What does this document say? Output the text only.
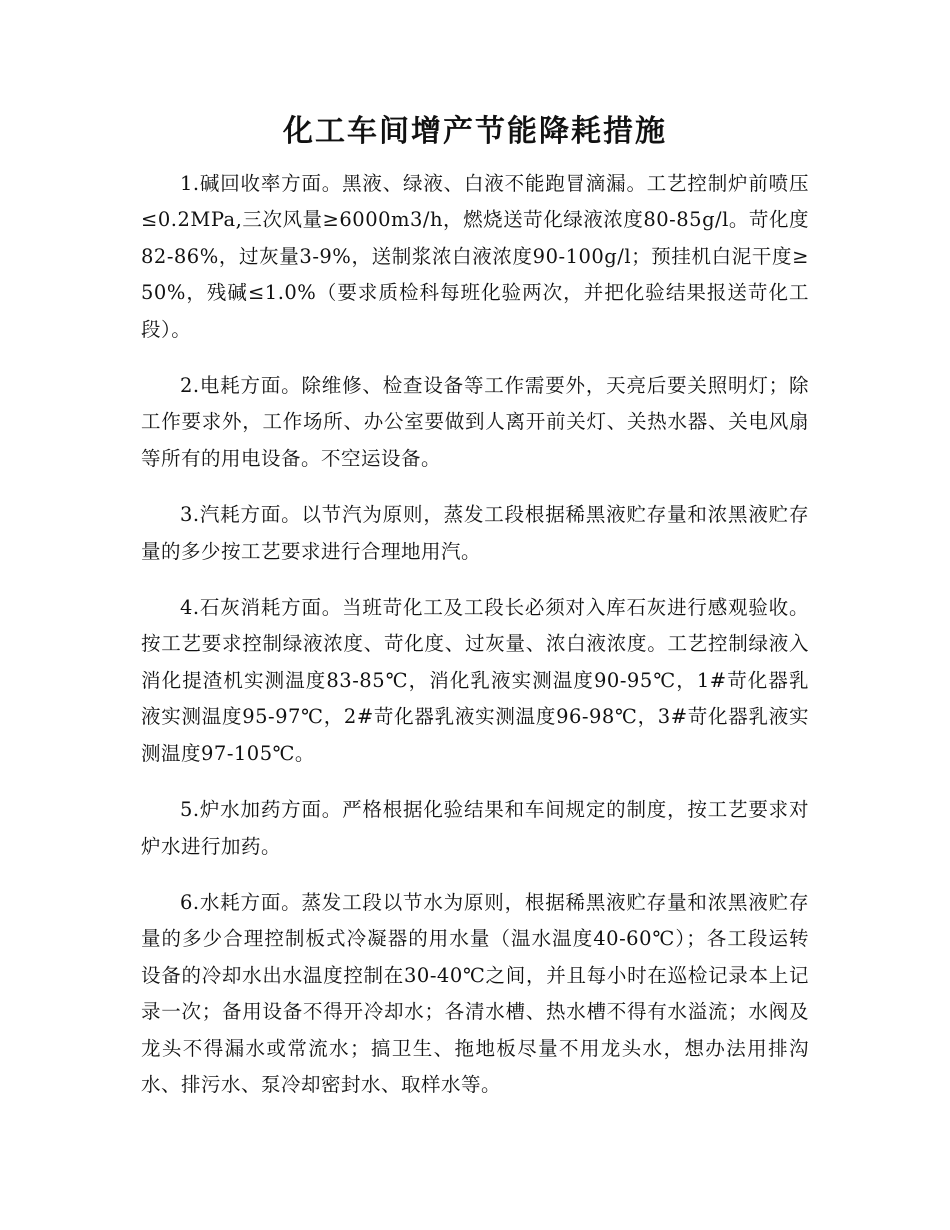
化工车间增产节能降耗措施

1.碱回收率方面。黑液、绿液、白液不能跑冒滴漏。工艺控制炉前喷压≤0.2MPa,三次风量≥6000m3/h，燃烧送苛化绿液浓度80-85g/l。苛化度82-86%，过灰量3-9%，送制浆浓白液浓度90-100g/l；预挂机白泥干度≥50%，残碱≤1.0%（要求质检科每班化验两次，并把化验结果报送苛化工段）。

2.电耗方面。除维修、检查设备等工作需要外，天亮后要关照明灯；除工作要求外，工作场所、办公室要做到人离开前关灯、关热水器、关电风扇等所有的用电设备。不空运设备。

3.汽耗方面。以节汽为原则，蒸发工段根据稀黑液贮存量和浓黑液贮存量的多少按工艺要求进行合理地用汽。

4.石灰消耗方面。当班苛化工及工段长必须对入库石灰进行感观验收。按工艺要求控制绿液浓度、苛化度、过灰量、浓白液浓度。工艺控制绿液入消化提渣机实测温度83-85℃，消化乳液实测温度90-95℃，1#苛化器乳液实测温度95-97℃，2#苛化器乳液实测温度96-98℃，3#苛化器乳液实测温度97-105℃。

5.炉水加药方面。严格根据化验结果和车间规定的制度，按工艺要求对炉水进行加药。

6.水耗方面。蒸发工段以节水为原则，根据稀黑液贮存量和浓黑液贮存量的多少合理控制板式冷凝器的用水量（温水温度40-60℃）；各工段运转设备的冷却水出水温度控制在30-40℃之间，并且每小时在巡检记录本上记录一次；备用设备不得开冷却水；各清水槽、热水槽不得有水溢流；水阀及龙头不得漏水或常流水；搞卫生、拖地板尽量不用龙头水，想办法用排沟水、排污水、泵冷却密封水、取样水等。
